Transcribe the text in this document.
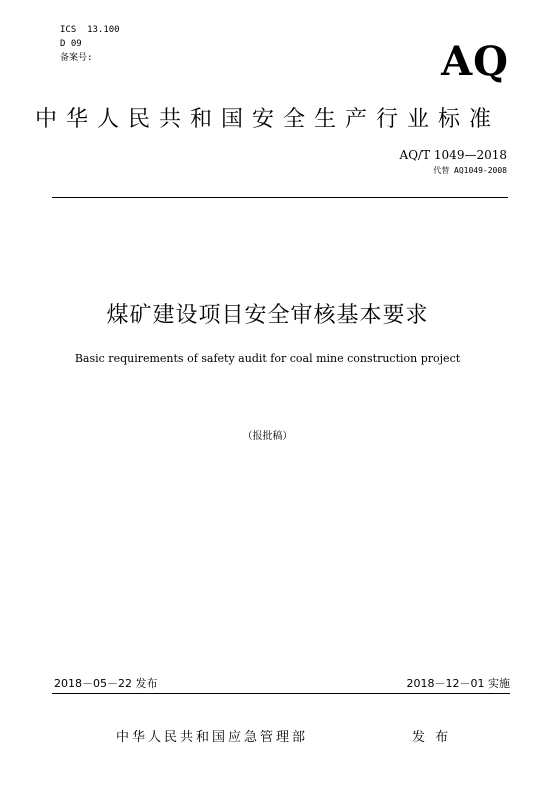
ICS  13.100
D 09
备案号:	AQ
中华人民共和国安全生产行业标准
AQ/T 1049—2018
代替 AQ1049-2008
煤矿建设项目安全审核基本要求
Basic requirements of safety audit for coal mine construction project
（报批稿）
2018－05－22 发布	2018－12－01 实施
中华人民共和国应急管理部	发 布
